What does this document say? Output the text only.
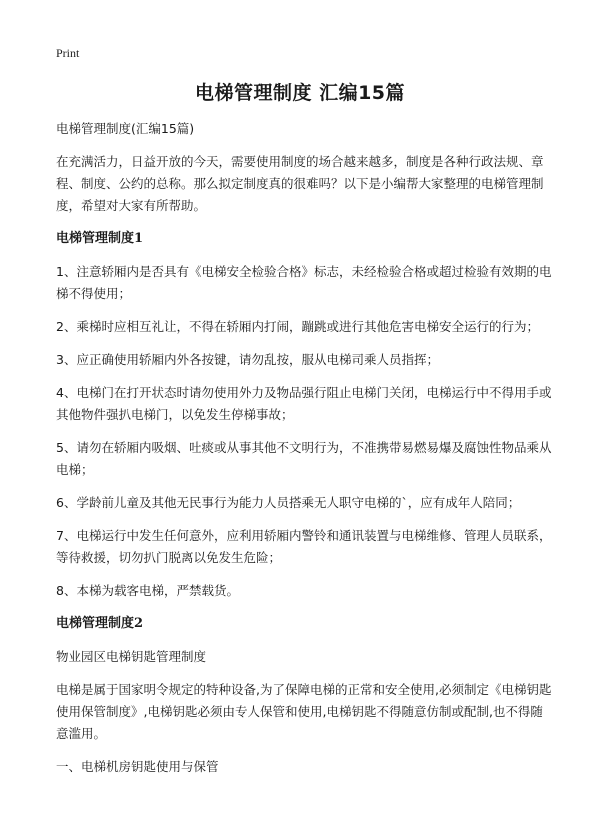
Print
电梯管理制度 汇编15篇

电梯管理制度(汇编15篇)

在充满活力，日益开放的今天，需要使用制度的场合越来越多，制度是各种行政法规、章程、制度、公约的总称。那么拟定制度真的很难吗？以下是小编帮大家整理的电梯管理制度，希望对大家有所帮助。

电梯管理制度1

1、注意轿厢内是否具有《电梯安全检验合格》标志，未经检验合格或超过检验有效期的电梯不得使用；

2、乘梯时应相互礼让，不得在轿厢内打闹，蹦跳或进行其他危害电梯安全运行的行为；

3、应正确使用轿厢内外各按键，请勿乱按，服从电梯司乘人员指挥；

4、电梯门在打开状态时请勿使用外力及物品强行阻止电梯门关闭，电梯运行中不得用手或其他物件强扒电梯门，以免发生停梯事故；

5、请勿在轿厢内吸烟、吐痰或从事其他不文明行为，不准携带易燃易爆及腐蚀性物品乘从电梯；

6、学龄前儿童及其他无民事行为能力人员搭乘无人职守电梯的`，应有成年人陪同；

7、电梯运行中发生任何意外，应利用轿厢内警铃和通讯装置与电梯维修、管理人员联系，等待救援，切勿扒门脱离以免发生危险；

8、本梯为载客电梯，严禁载货。

电梯管理制度2

物业园区电梯钥匙管理制度

电梯是属于国家明令规定的特种设备,为了保障电梯的正常和安全使用,必须制定《电梯钥匙使用保管制度》,电梯钥匙必须由专人保管和使用,电梯钥匙不得随意仿制或配制,也不得随意滥用。

一、电梯机房钥匙使用与保管
